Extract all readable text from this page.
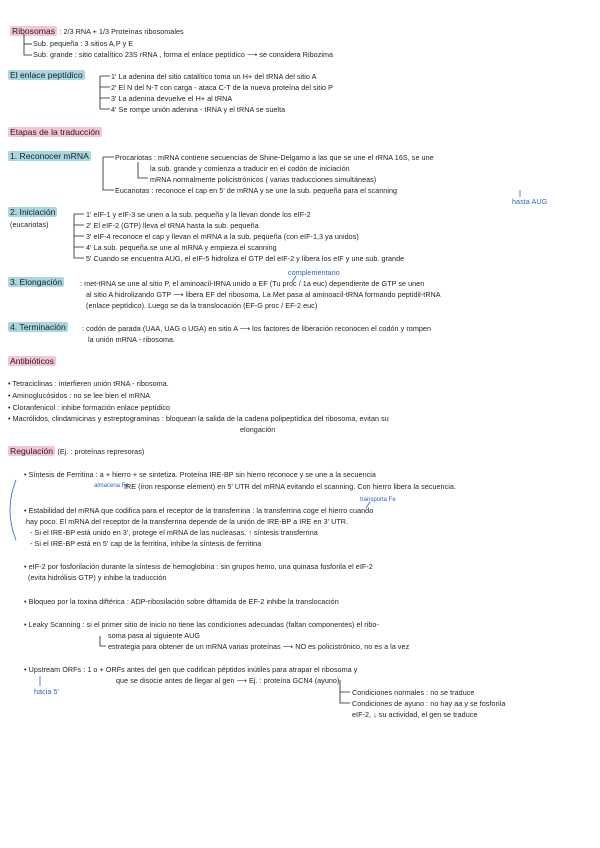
Ribosomas : 2/3 RNA + 1/3 Proteínas ribosomales
Sub. pequeña : 3 sitios A,P y E
Sub. grande : sitio catalítico 23S rRNA , forma el enlace peptídico ⟶ se considera Ribozima
El enlace peptídico	1' La adenina del sitio catalítico toma un H+ del tRNA del sitio A
2' El N del N-T con carga - ataca C-T de la nueva proteína del sitio P
3' La adenina devuelve el H+ al tRNA
4' Se rompe unión adenina - tRNA y el tRNA se suelta
Etapas de la traducción
1. Reconocer mRNA	Procariotas : mRNA contiene secuencias de Shine-Delgarno a las que se une el rRNA 16S, se une
la sub. grande y comienza a traducir en el codón de iniciación
mRNA normalmente policistrónicos ( varias traducciones simultáneas)
Eucariotas : reconoce el cap en 5' de mRNA y se une la sub. pequeña para el scanning
hasta AUG
2. Iniciación
(eucariotas)
1' eIF-1 y eIF-3 se unen a la sub. pequeña y la llevan donde los eIF-2
2' El eIF-2 (GTP) lleva el tRNA hasta la sub. pequeña
3' eIF-4 reconoce el cap y llevan el mRNA a la sub. pequeña (con eIF-1,3 ya unidos)
4' La sub. pequeña se une al mRNA y empieza el scanning
5' Cuando se encuentra AUG, el eIF-5 hidroliza el GTP del eIF-2 y libera los eIF y une sub. grande
complementario
3. Elongación : met-tRNA se une al sitio P, el aminoacil-tRNA unido a EF (Tu proc / 1a euc) dependiente de GTP se unen
al sitio A hidrolizando GTP ⟶ libera EF del ribosoma. La Met pasa al aminoacil-tRNA formando peptidil-tRNA
(enlace peptídico). Luego se da la translocación (EF-G proc / EF-2 euc)
4. Terminación : codón de parada (UAA, UAG o UGA) en sitio A ⟶ los factores de liberación reconocen el codón y rompen
la unión mRNA - ribosoma.
Antibióticos
• Tetraciclinas : interfieren unión tRNA - ribosoma.
• Aminoglucósidos : no se lee bien el mRNA
• Cloranfenicol : inhibe formación enlace peptídico
• Macrólidos, clindamicinas y estreptograminas : bloquean la salida de la cadena polipeptídica del ribosoma, evitan su
elongación
Regulación (Ej. : proteínas represoras)
• Síntesis de Ferritina : a + hierro + se sintetiza. Proteína IRE-BP sin hierro reconoce y se une a la secuencia
almacena Fe
IRE (iron response element) en 5' UTR del mRNA evitando el scanning. Con hierro libera la secuencia.
transporta Fe
• Estabilidad del mRNA que codifica para el receptor de la transferrina : la transferrina coge el hierro cuando
hay poco. El mRNA del receptor de la transferrina depende de la unión de IRE-BP a IRE en 3' UTR.
- Si el IRE-BP está unido en 3', protege el mRNA de las nucleasas. ↑ síntesis transferrina
- Si el IRE-BP está en 5' cap de la ferritina, inhibe la síntesis de ferritina
• eIF-2 por fosforilación durante la síntesis de hemoglobina : sin grupos hemo, una quinasa fosforila el eIF-2
(evita hidrólisis GTP) y inhibe la traducción
• Bloqueo por la toxina diftérica : ADP-ribosilación sobre diftamida de EF-2 inhibe la translocación
• Leaky Scanning : si el primer sitio de inicio no tiene las condiciones adecuadas (faltan componentes) el ribo-
soma pasa al siguiente AUG
estrategia para obtener de un mRNA varias proteínas ⟶ NO es policistrónico, no es a la vez
• Upstream ORFs : 1 o + ORFs antes del gen que codifican péptidos inútiles para atrapar el ribosoma y
que se disocie antes de llegar al gen ⟶ Ej. : proteína GCN4 (ayuno)
hacia 5'	Condiciones normales : no se traduce
Condiciones de ayuno : no hay aa y se fosforila
eIF-2, ↓ su actividad, el gen se traduce
